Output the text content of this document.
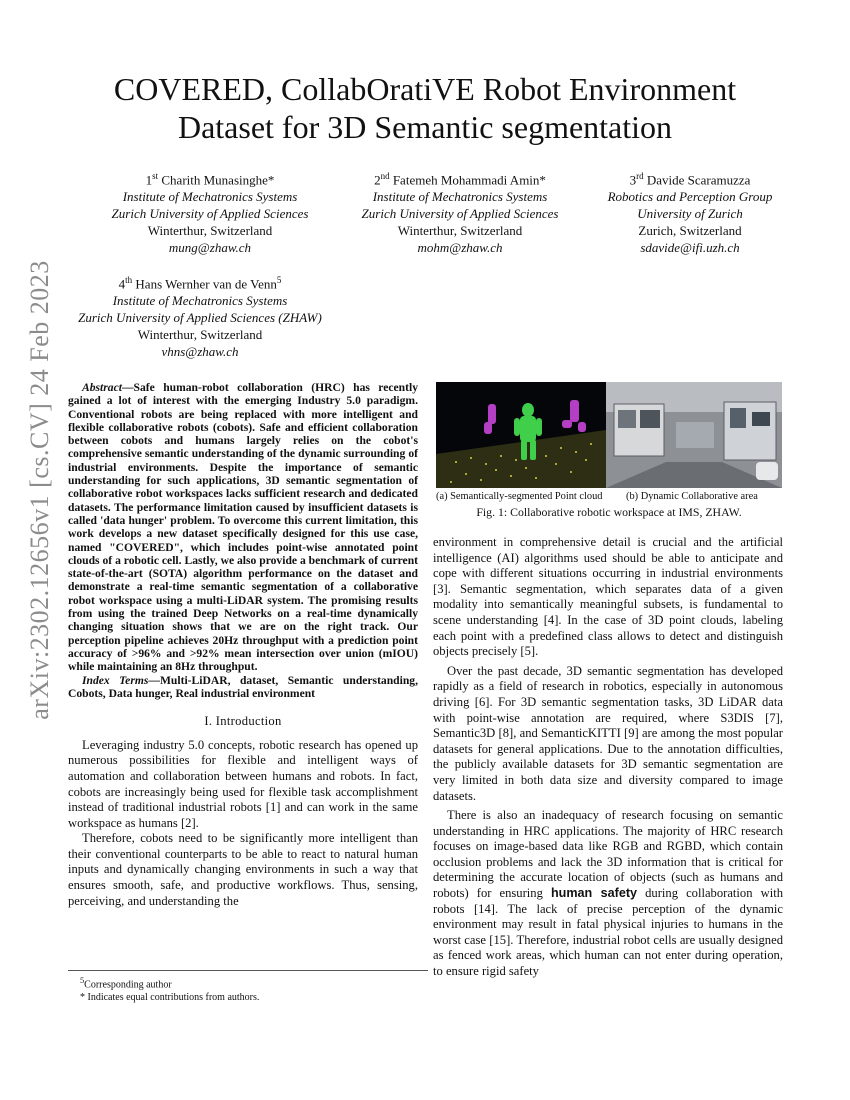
arXiv:2302.12656v1 [cs.CV] 24 Feb 2023
COVERED, CollabOratiVE Robot Environment Dataset for 3D Semantic segmentation
1st Charith Munasinghe*
Institute of Mechatronics Systems
Zurich University of Applied Sciences
Winterthur, Switzerland
mung@zhaw.ch
2nd Fatemeh Mohammadi Amin*
Institute of Mechatronics Systems
Zurich University of Applied Sciences
Winterthur, Switzerland
mohm@zhaw.ch
3rd Davide Scaramuzza
Robotics and Perception Group
University of Zurich
Zurich, Switzerland
sdavide@ifi.uzh.ch
4th Hans Wernher van de Venn$^5$
Institute of Mechatronics Systems
Zurich University of Applied Sciences (ZHAW)
Winterthur, Switzerland
vhns@zhaw.ch

Abstract—Safe human-robot collaboration (HRC) has recently gained a lot of interest with the emerging Industry 5.0 paradigm. Conventional robots are being replaced with more intelligent and flexible collaborative robots (cobots). Safe and efficient collaboration between cobots and humans largely relies on the cobot's comprehensive semantic understanding of the dynamic surrounding of industrial environments. Despite the importance of semantic understanding for such applications, 3D semantic segmentation of collaborative robot workspaces lacks sufficient research and dedicated datasets. The performance limitation caused by insufficient datasets is called 'data hunger' problem. To overcome this current limitation, this work develops a new dataset specifically designed for this use case, named "COVERED", which includes point-wise annotated point clouds of a robotic cell. Lastly, we also provide a benchmark of current state-of-the-art (SOTA) algorithm performance on the dataset and demonstrate a real-time semantic segmentation of a collaborative robot workspace using a multi-LiDAR system. The promising results from using the trained Deep Networks on a real-time dynamically changing situation shows that we are on the right track. Our perception pipeline achieves 20Hz throughput with a prediction point accuracy of >96% and >92% mean intersection over union (mIOU) while maintaining an 8Hz throughput.

Index Terms—Multi-LiDAR, dataset, Semantic understanding, Cobots, Data hunger, Real industrial environment

I. Introduction

Leveraging industry 5.0 concepts, robotic research has opened up numerous possibilities for flexible and intelligent ways of automation and collaboration between humans and robots. In fact, cobots are increasingly being used for flexible task accomplishment instead of traditional industrial robots [1] and can work in the same workspace as humans [2].

Therefore, cobots need to be significantly more intelligent than their conventional counterparts to be able to react to natural human inputs and dynamically changing environments in such a way that ensures smooth, safe, and productive workflows. Thus, sensing, perceiving, and understanding the

$^5$Corresponding author
* Indicates equal contributions from authors.
(a) Semantically-segmented Point cloud	(b) Dynamic Collaborative area
Fig. 1: Collaborative robotic workspace at IMS, ZHAW.

environment in comprehensive detail is crucial and the artificial intelligence (AI) algorithms used should be able to anticipate and cope with different situations occurring in industrial environments [3]. Semantic segmentation, which separates data of a given modality into semantically meaningful subsets, is fundamental to scene understanding [4]. In the case of 3D point clouds, labeling each point with a predefined class allows to detect and distinguish objects precisely [5].

Over the past decade, 3D semantic segmentation has developed rapidly as a field of research in robotics, especially in autonomous driving [6]. For 3D semantic segmentation tasks, 3D LiDAR data with point-wise annotation are required, where S3DIS [7], Semantic3D [8], and SemanticKITTI [9] are among the most popular datasets for general applications. Due to the annotation difficulties, the publicly available datasets for 3D semantic segmentation are very limited in both data size and diversity compared to image datasets.

There is also an inadequacy of research focusing on semantic understanding in HRC applications. The majority of HRC research focuses on image-based data like RGB and RGBD, which contain occlusion problems and lack the 3D information that is critical for determining the accurate location of objects (such as humans and robots) for ensuring human safety during collaboration with robots [14]. The lack of precise perception of the dynamic environment may result in fatal physical injuries to humans in the worst case [15]. Therefore, industrial robot cells are usually designed as fenced work areas, which human can not enter during operation, to ensure rigid safety
